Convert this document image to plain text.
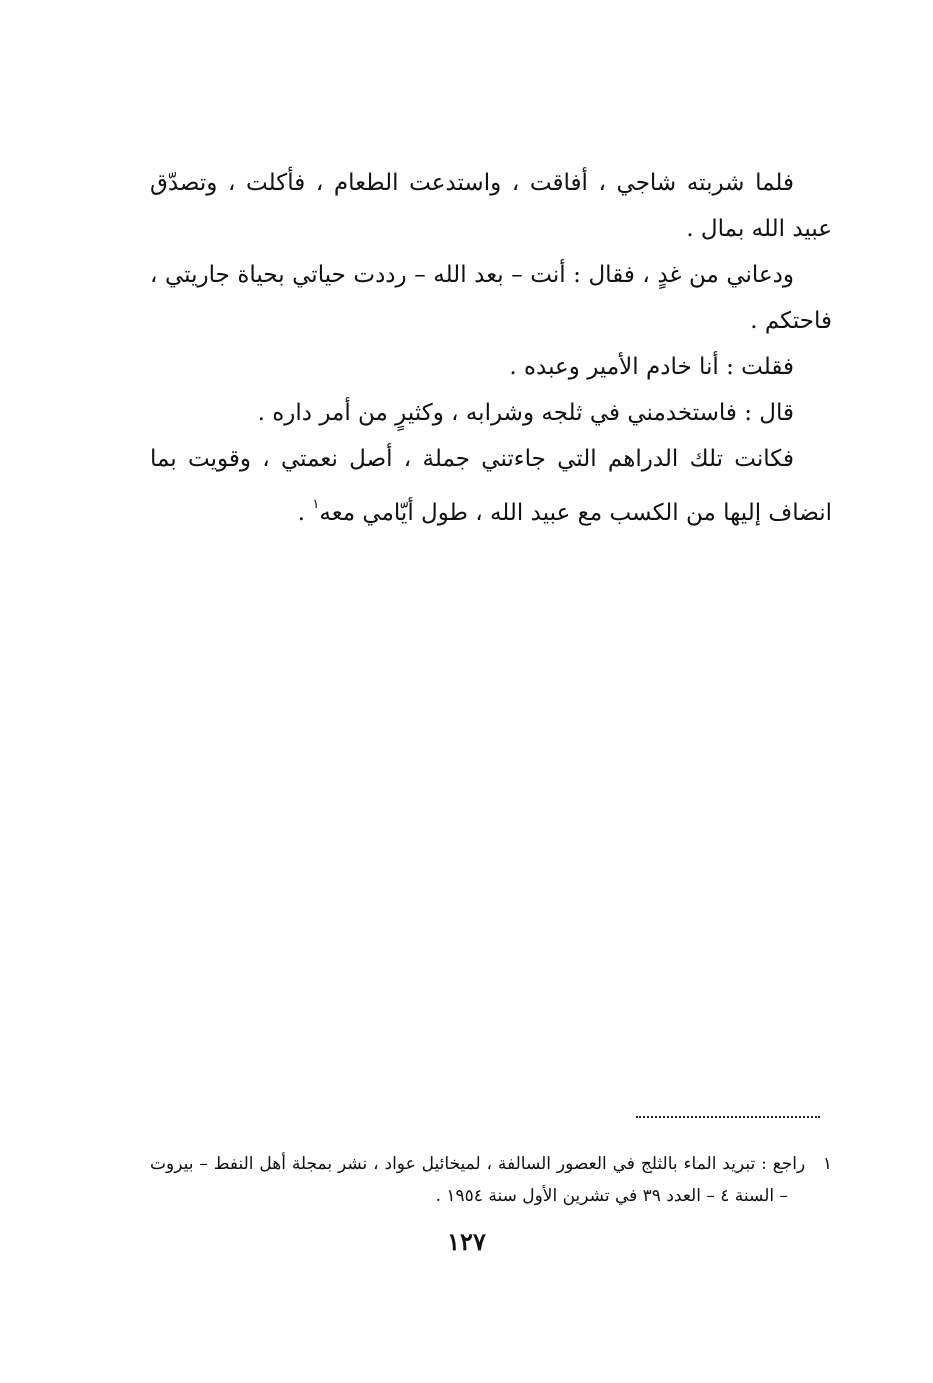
فلما شربته شاجي ، أفاقت ، واستدعت الطعام ، فأكلت ، وتصدّق
عبيد الله بمال .
ودعاني من غدٍ ، فقال : أنت – بعد الله – رددت حياتي بحياة جاريتي ،
فاحتكم .
فقلت : أنا خادم الأمير وعبده .
قال : فاستخدمني في ثلجه وشرابه ، وكثيرٍ من أمر داره .
فكانت تلك الدراهم التي جاءتني جملة ، أصل نعمتي ، وقويت بما
انضاف إليها من الكسب مع عبيد الله ، طول أيّامي معه$^١$ .
١   راجع : تبريد الماء بالثلج في العصور السالفة ، لميخائيل عواد ، نشر بمجلة أهل النفط – بيروت
– السنة ٤ – العدد ٣٩ في تشرين الأول سنة ١٩٥٤ .
١٢٧
